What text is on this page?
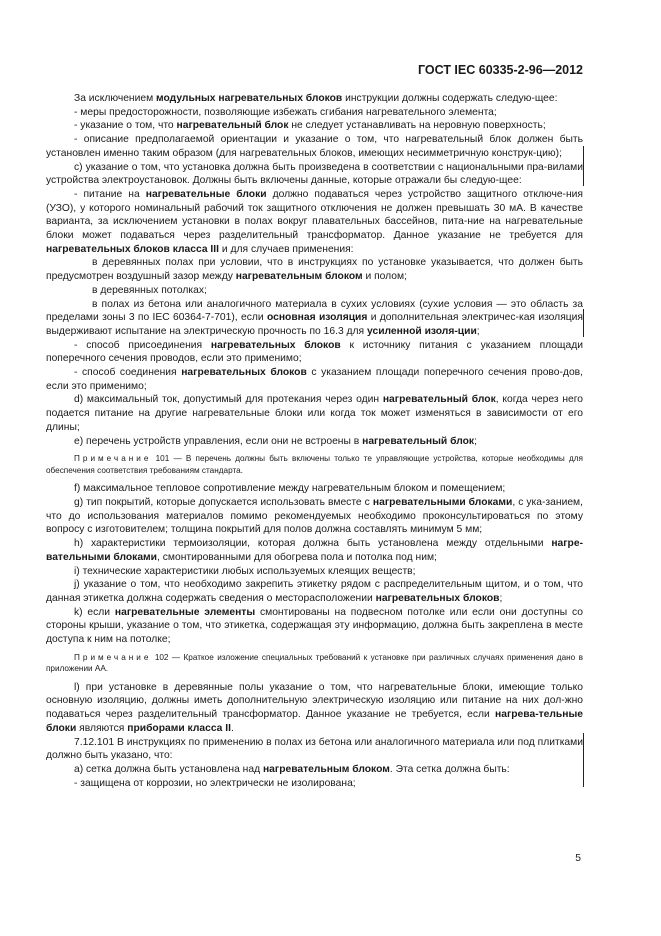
ГОСТ IEC 60335-2-96—2012

За исключением модульных нагревательных блоков инструкции должны содержать следую-щее:

- меры предосторожности, позволяющие избежать сгибания нагревательного элемента;

- указание о том, что нагревательный блок не следует устанавливать на неровную поверхность;

- описание предполагаемой ориентации и указание о том, что нагревательный блок должен быть установлен именно таким образом (для нагревательных блоков, имеющих несимметричную конструк-цию);

c) указание о том, что установка должна быть произведена в соответствии с национальными пра-вилами устройства электроустановок. Должны быть включены данные, которые отражали бы следую-щее:

- питание на нагревательные блоки должно подаваться через устройство защитного отключе-ния (УЗО), у которого номинальный рабочий ток защитного отключения не должен превышать 30 мА. В качестве варианта, за исключением установки в полах вокруг плавательных бассейнов, пита-ние на нагревательные блоки может подаваться через разделительный трансформатор. Данное указание не требуется для нагревательных блоков класса III и для случаев применения:

в деревянных полах при условии, что в инструкциях по установке указывается, что должен быть предусмотрен воздушный зазор между нагревательным блоком и полом;

в деревянных потолках;

в полах из бетона или аналогичного материала в сухих условиях (сухие условия — это область за пределами зоны 3 по IEC 60364-7-701), если основная изоляция и дополнительная электричес-кая изоляция выдерживают испытание на электрическую прочность по 16.3 для усиленной изоля-ции;

- способ присоединения нагревательных блоков к источнику питания с указанием площади поперечного сечения проводов, если это применимо;

- способ соединения нагревательных блоков с указанием площади поперечного сечения прово-дов, если это применимо;

d) максимальный ток, допустимый для протекания через один нагревательный блок, когда через него подается питание на другие нагревательные блоки или когда ток может изменяться в зависимости от его длины;

e) перечень устройств управления, если они не встроены в нагревательный блок;

Примечание 101 — В перечень должны быть включены только те управляющие устройства, которые необходимы для обеспечения соответствия требованиям стандарта.

f) максимальное тепловое сопротивление между нагревательным блоком и помещением;

g) тип покрытий, которые допускается использовать вместе с нагревательными блоками, с ука-занием, что до использования материалов помимо рекомендуемых необходимо проконсультироваться по этому вопросу с изготовителем; толщина покрытий для полов должна составлять минимум 5 мм;

h) характеристики термоизоляции, которая должна быть установлена между отдельными нагре-вательными блоками, смонтированными для обогрева пола и потолка под ним;

i) технические характеристики любых используемых клеящих веществ;

j) указание о том, что необходимо закрепить этикетку рядом с распределительным щитом, и о том, что данная этикетка должна содержать сведения о месторасположении нагревательных блоков;

k) если нагревательные элементы смонтированы на подвесном потолке или если они доступны со стороны крыши, указание о том, что этикетка, содержащая эту информацию, должна быть закреплена в месте доступа к ним на потолке;

Примечание 102 — Краткое изложение специальных требований к установке при различных случаях применения дано в приложении АА.

l) при установке в деревянные полы указание о том, что нагревательные блоки, имеющие только основную изоляцию, должны иметь дополнительную электрическую изоляцию или питание на них дол-жно подаваться через разделительный трансформатор. Данное указание не требуется, если нагрева-тельные блоки являются приборами класса II.

7.12.101 В инструкциях по применению в полах из бетона или аналогичного материала или под плитками должно быть указано, что:

a) сетка должна быть установлена над нагревательным блоком. Эта сетка должна быть:

- защищена от коррозии, но электрически не изолирована;

5
